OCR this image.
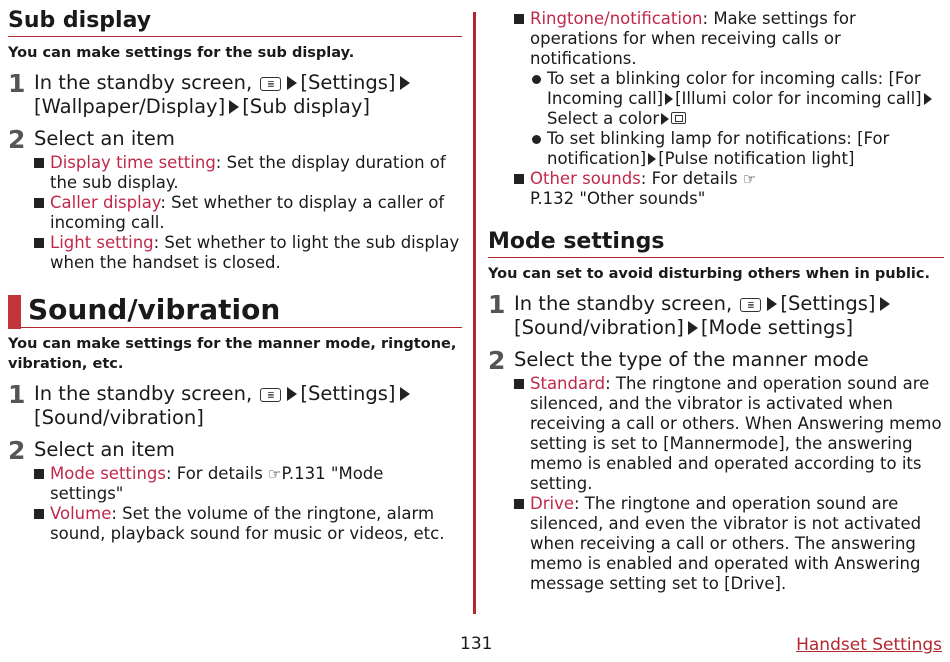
Sub display

You can make settings for the sub display.

1 In the standby screen, ≣ [Settings]
[Wallpaper/Display] [Sub display]
2 Select an item
Display time setting: Set the display duration of the sub display.
Caller display: Set whether to display a caller of incoming call.
Light setting: Set whether to light the sub display when the handset is closed.
Sound/vibration

You can make settings for the manner mode, ringtone, vibration, etc.

1 In the standby screen, ≣ [Settings]
[Sound/vibration]
2 Select an item
Mode settings: For details ☞P.131 "Mode settings"
Volume: Set the volume of the ringtone, alarm sound, playback sound for music or videos, etc.
Ringtone/notification: Make settings for operations for when receiving calls or notifications.
To set a blinking color for incoming calls: [For Incoming call] [Illumi color for incoming call]Select a color
To set blinking lamp for notifications: [For notification] [Pulse notification light]
Other sounds: For details ☞
P.132 "Other sounds"
Mode settings

You can set to avoid disturbing others when in public.

1 In the standby screen, ≣ [Settings]
[Sound/vibration] [Mode settings]
2 Select the type of the manner mode
Standard: The ringtone and operation sound are silenced, and the vibrator is activated when receiving a call or others. When Answering memo setting is set to [Mannermode], the answering memo is enabled and operated according to its setting.
Drive: The ringtone and operation sound are silenced, and even the vibrator is not activated when receiving a call or others. The answering memo is enabled and operated with Answering message setting set to [Drive].
131	Handset Settings
